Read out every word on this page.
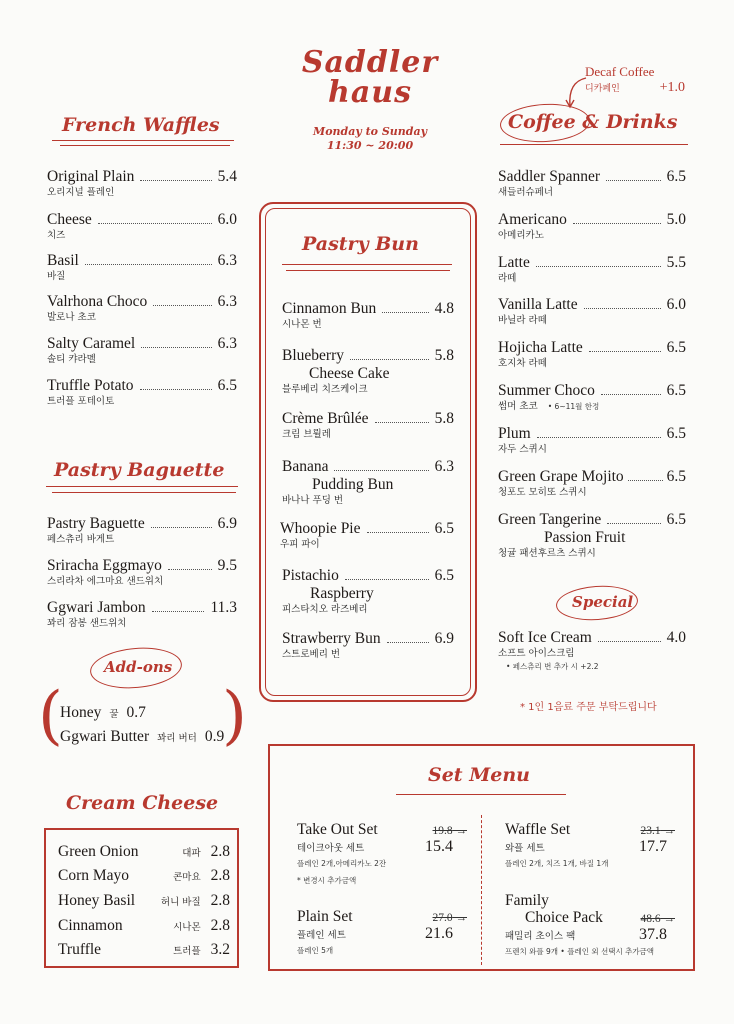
Saddler
haus
Monday to Sunday
11:30 ~ 20:00
Decaf Coffee
디카페인	+1.0
French Waffles
Original Plain	5.4
오리지널 플레인
Cheese	6.0
치즈
Basil	6.3
바질
Valrhona Choco	6.3
발로나 초코
Salty Caramel	6.3
솔티 캬라멜
Truffle Potato	6.5
트러플 포테이토
Pastry Baguette
Pastry Baguette	6.9
페스츄리 바게트
Sriracha Eggmayo	9.5
스리라차 에그마요 샌드위치
Ggwari Jambon	11.3
꽈리 잠봉 샌드위치
Add-ons
( )
Honey 꿀 0.7
Ggwari Butter 꽈리 버터 0.9
Cream Cheese
Green Onion	대파 2.8
Corn Mayo	콘마요 2.8
Honey Basil	허니 바질 2.8
Cinnamon	시나몬 2.8
Truffle	트러플 3.2
Pastry Bun
Cinnamon Bun	4.8
시나몬 번
Blueberry	5.8
Cheese Cake
블루베리 치즈케이크
Crème Brûlée	5.8
크림 브륄레
Banana	6.3
Pudding Bun
바나나 푸딩 번
Whoopie Pie	6.5
우피 파이
Pistachio	6.5
Raspberry
피스타치오 라즈베리
Strawberry Bun	6.9
스트로베리 번
Coffee & Drinks
Saddler Spanner	6.5
새들러슈페너
Americano	5.0
아메리카노
Latte	5.5
라떼
Vanilla Latte	6.0
바닐라 라떼
Hojicha Latte	6.5
호지차 라떼
Summer Choco	6.5
썸머 초코 • 6~11월 한정
Plum	6.5
자두 스퀴시
Green Grape Mojito	6.5
청포도 모히또 스퀴시
Green Tangerine	6.5
Passion Fruit
청귤 패션후르츠 스퀴시
Special
Soft Ice Cream	4.0
소프트 아이스크림
• 페스츄리 번 추가 시 +2.2
* 1인 1음료 주문 부탁드립니다
Set Menu
Take Out Set	19.8 →
테이크아웃 세트	15.4
플레인 2개,아메리카노 2잔
* 변경시 추가금액
Plain Set	27.0 →
플레인 세트	21.6
플레인 5개
Waffle Set	23.1 →
와플 세트	17.7
플레인 2개, 치즈 1개, 바질 1개
Family
Choice Pack	48.6 →
패밀리 초이스 팩	37.8
프렌치 와플 9개 • 플레인 외 선택시 추가금액
